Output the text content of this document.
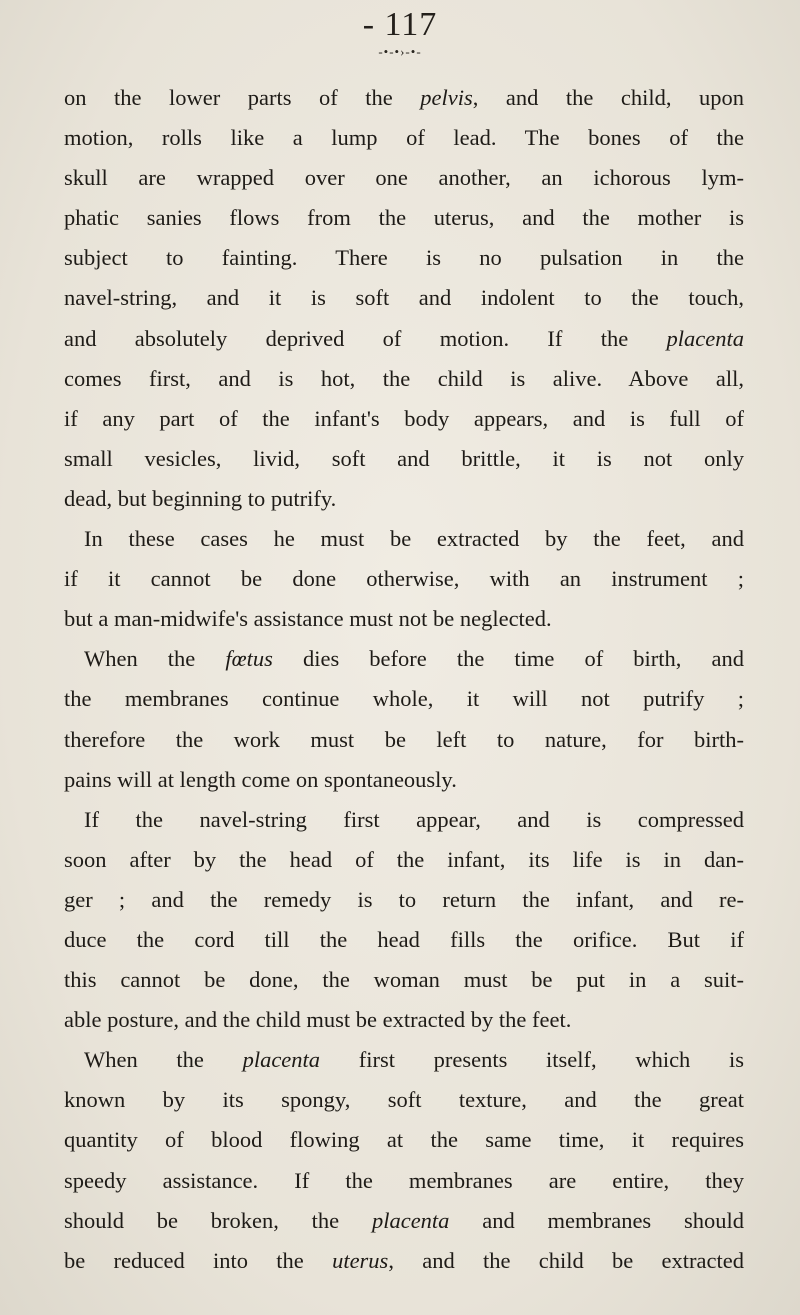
- 117
-•-•›-•-
on the lower parts of the pelvis, and the child, upon
motion, rolls like a lump of lead. The bones of the
skull are wrapped over one another, an ichorous lym-
phatic sanies flows from the uterus, and the mother is
subject to fainting. There is no pulsation in the
navel-string, and it is soft and indolent to the touch,
and absolutely deprived of motion. If the placenta
comes first, and is hot, the child is alive. Above all,
if any part of the infant's body appears, and is full of
small vesicles, livid, soft and brittle, it is not only
dead, but beginning to putrify.
In these cases he must be extracted by the feet, and
if it cannot be done otherwise, with an instrument ;
but a man-midwife's assistance must not be neglected.
When the fœtus dies before the time of birth, and
the membranes continue whole, it will not putrify ;
therefore the work must be left to nature, for birth-
pains will at length come on spontaneously.
If the navel-string first appear, and is compressed
soon after by the head of the infant, its life is in dan-
ger ; and the remedy is to return the infant, and re-
duce the cord till the head fills the orifice. But if
this cannot be done, the woman must be put in a suit-
able posture, and the child must be extracted by the feet.
When the placenta first presents itself, which is
known by its spongy, soft texture, and the great
quantity of blood flowing at the same time, it requires
speedy assistance. If the membranes are entire, they
should be broken, the placenta and membranes should
be reduced into the uterus, and the child be extracted
